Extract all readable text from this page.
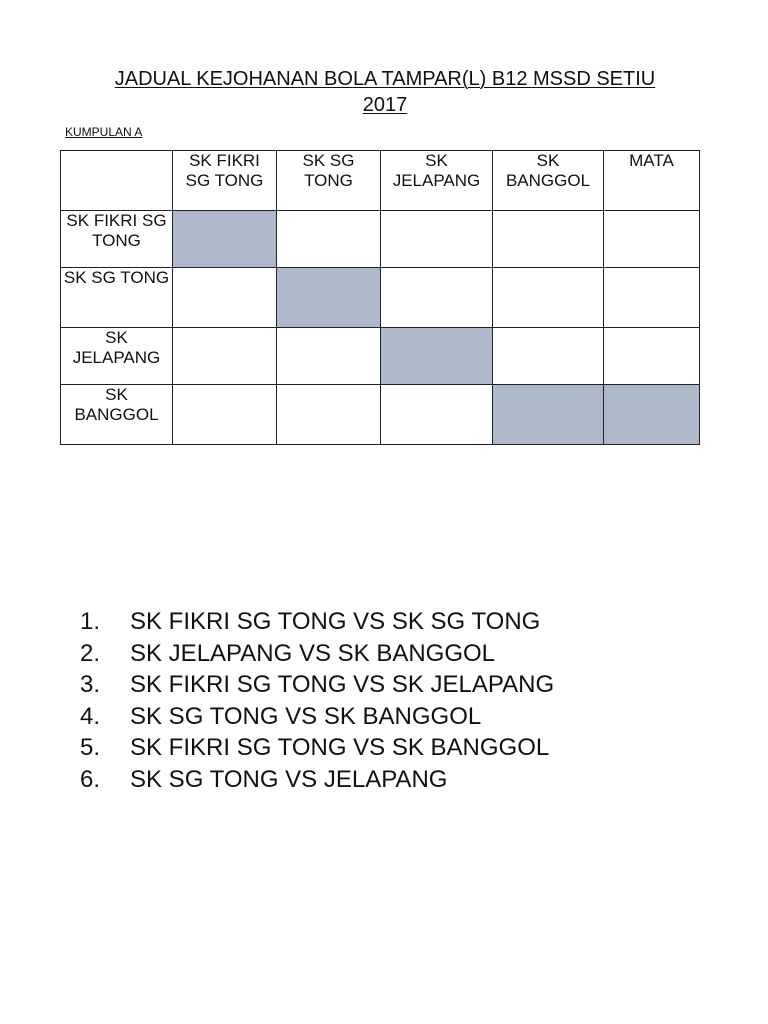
JADUAL KEJOHANAN BOLA TAMPAR(L) B12 MSSD SETIU
2017
KUMPULAN A
	SK FIKRI SG TONG	SK SG TONG	SK JELAPANG	SK BANGGOL	MATA
SK FIKRI SG TONG					
SK SG TONG					
SK JELAPANG					
SK BANGGOL					
1.	SK FIKRI SG TONG VS SK SG TONG
2.	SK JELAPANG VS SK BANGGOL
3.	SK FIKRI SG TONG VS SK JELAPANG
4.	SK SG TONG VS SK BANGGOL
5.	SK FIKRI SG TONG VS SK BANGGOL
6.	SK SG TONG VS JELAPANG
